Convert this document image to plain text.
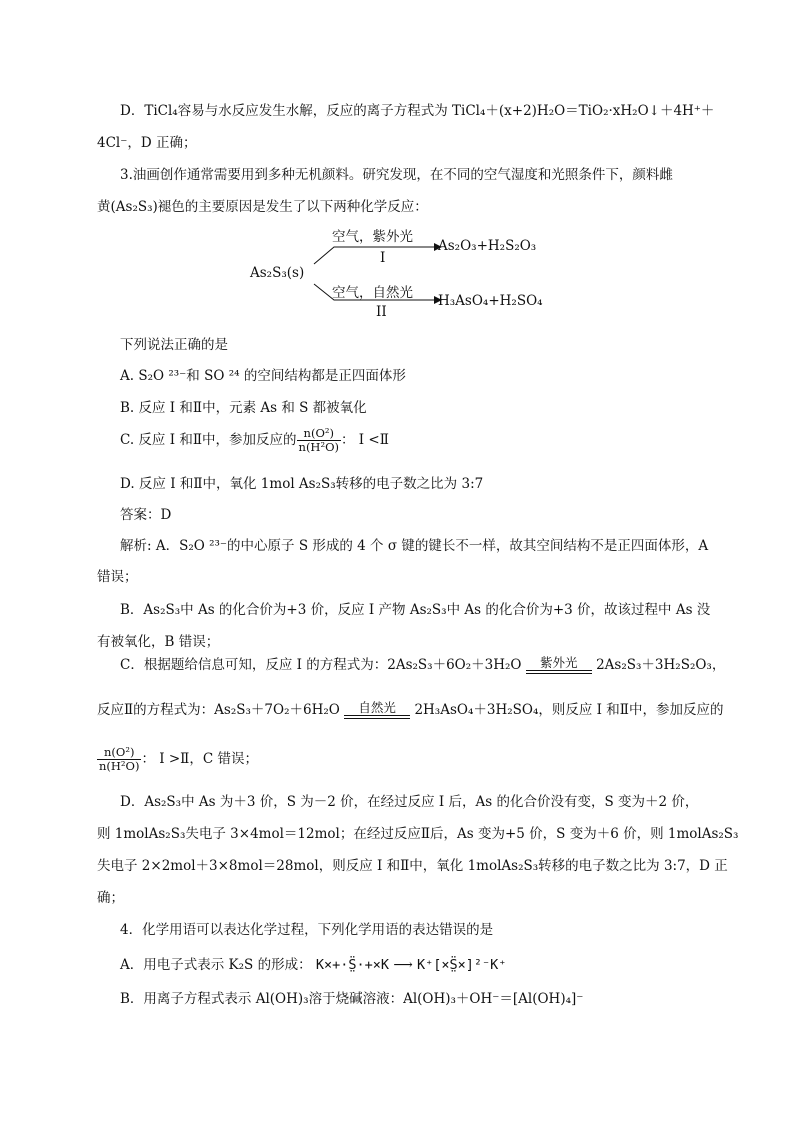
D．TiCl₄容易与水反应发生水解，反应的离子方程式为 TiCl₄＋(x+2)H₂O＝TiO₂·xH₂O↓＋4H⁺＋
4Cl⁻，D 正确；
3.油画创作通常需要用到多种无机颜料。研究发现，在不同的空气湿度和光照条件下，颜料雌
黄(As₂S₃)褪色的主要原因是发生了以下两种化学反应：
As₂S₃(s)
空气，紫外光
I
As₂O₃+H₂S₂O₃
空气，自然光
II
H₃AsO₄+H₂SO₄
下列说法正确的是
A. S₂O ²³⁻和 SO ²⁴ 的空间结构都是正四面体形
B. 反应 I 和Ⅱ中，元素 As 和 S 都被氧化
C. 反应 I 和Ⅱ中，参加反应的 $\frac{\text{n(O²)}}{\text{n(H²O)}}$ ： I <Ⅱ
D. 反应 I 和Ⅱ中，氧化 1mol As₂S₃转移的电子数之比为 3:7
答案：D
解析: A．S₂O ²³⁻的中心原子 S 形成的 4 个 σ 键的键长不一样，故其空间结构不是正四面体形，A
错误；
B．As₂S₃中 As 的化合价为+3 价，反应 I 产物 As₂S₃中 As 的化合价为+3 价，故该过程中 As 没
有被氧化，B 错误；
C．根据题给信息可知，反应 I 的方程式为：2As₂S₃＋6O₂＋3H₂O	紫外光	2As₂S₃＋3H₂S₂O₃，
反应Ⅱ的方程式为：As₂S₃＋7O₂＋6H₂O	自然光	2H₃AsO₄＋3H₂SO₄，则反应 I 和Ⅱ中，参加反应的
$\frac{\text{n(O²)}}{\text{n(H²O)}}$ ： I >Ⅱ，C 错误；
D．As₂S₃中 As 为＋3 价，S 为－2 价，在经过反应 I 后，As 的化合价没有变，S 变为＋2 价，
则 1molAs₂S₃失电子 3×4mol＝12mol；在经过反应Ⅱ后，As 变为+5 价，S 变为＋6 价，则 1molAs₂S₃
失电子 2×2mol＋3×8mol＝28mol，则反应 I 和Ⅱ中，氧化 1molAs₂S₃转移的电子数之比为 3:7，D 正
确；
4．化学用语可以表达化学过程，下列化学用语的表达错误的是
A．用电子式表示 K₂S 的形成： K×+·S̤̈·+×K ⟶ K⁺[×S̤̈×]²⁻K⁺
B．用离子方程式表示 Al(OH)₃溶于烧碱溶液：Al(OH)₃＋OH⁻＝[Al(OH)₄]⁻
